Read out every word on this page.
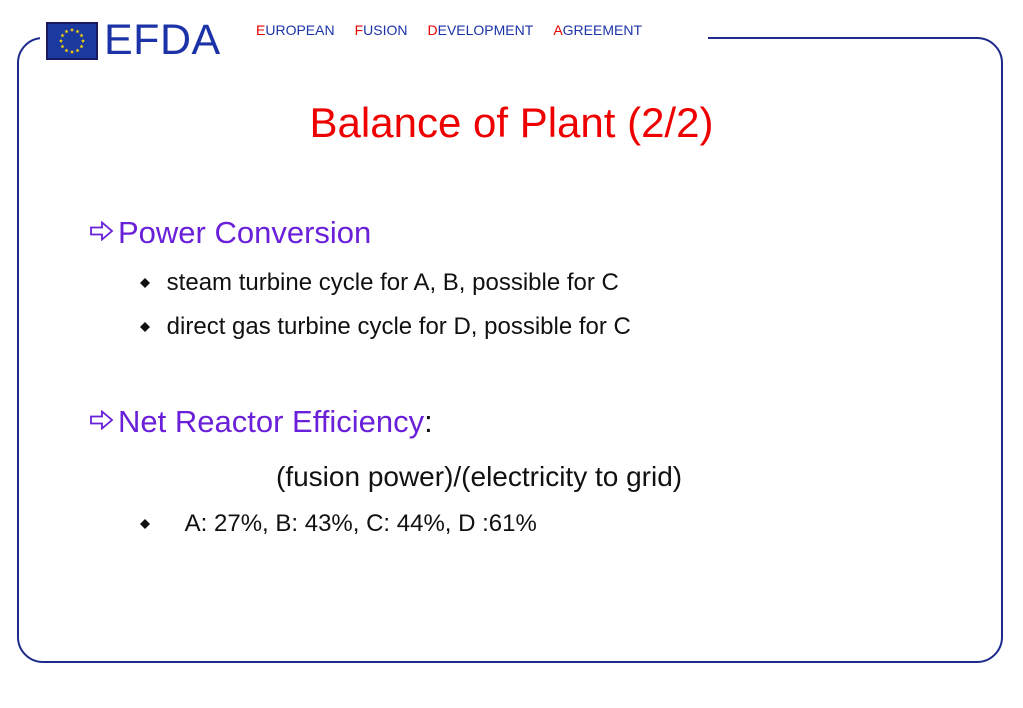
EFDA	EUROPEAN FUSION DEVELOPMENT AGREEMENT
Balance of Plant (2/2)
Power Conversion
steam turbine cycle for A, B, possible for C
direct gas turbine cycle for D, possible for C
Net Reactor Efficiency:
(fusion power)/(electricity to grid)
A: 27%, B: 43%, C: 44%, D :61%
